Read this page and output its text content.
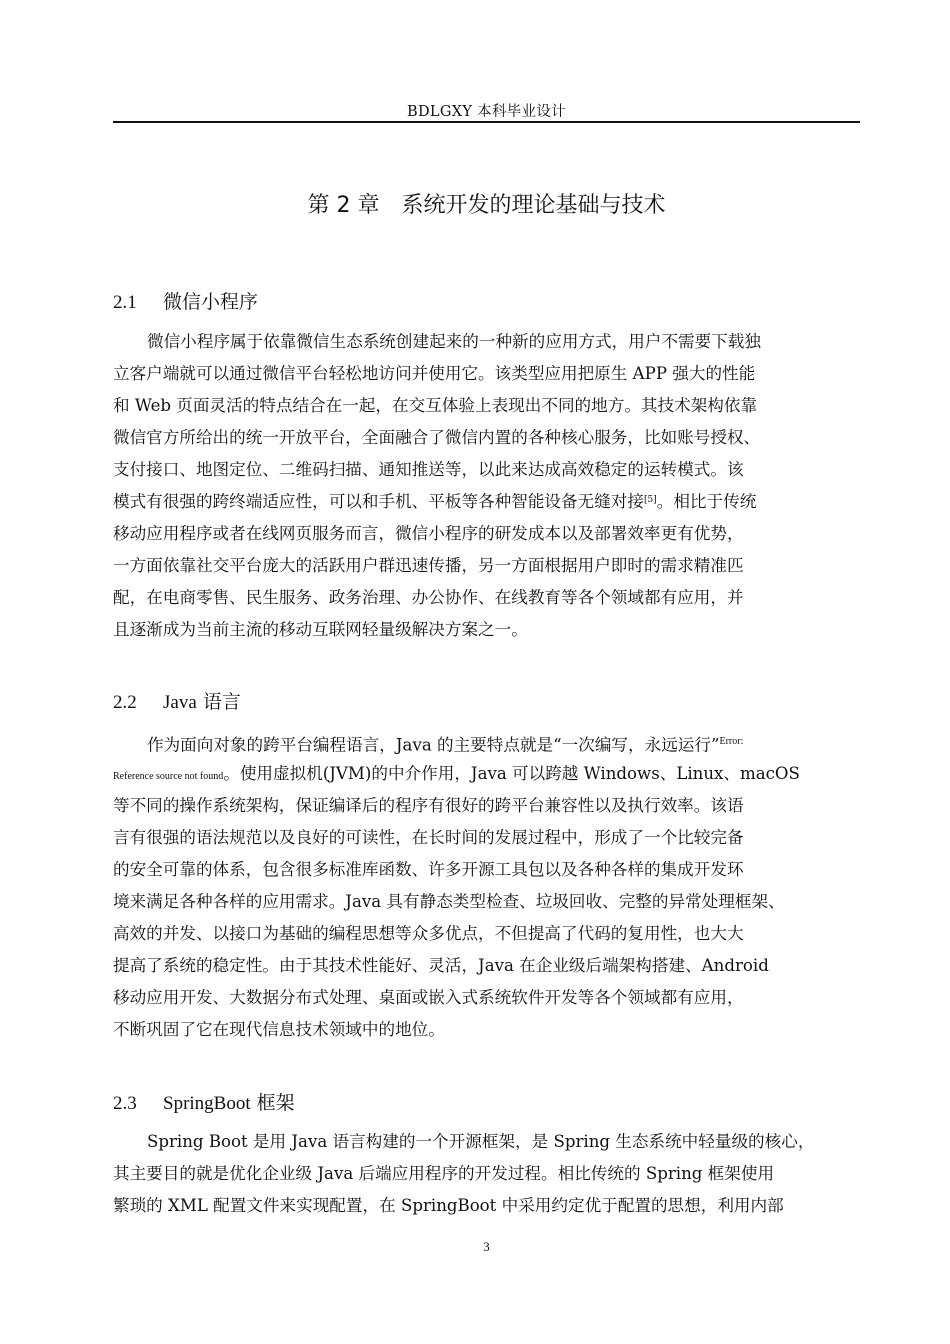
BDLGXY 本科毕业设计
第 2 章 系统开发的理论基础与技术
2.1 微信小程序
微信小程序属于依靠微信生态系统创建起来的一种新的应用方式，用户不需要下载独
立客户端就可以通过微信平台轻松地访问并使用它。该类型应用把原生 APP 强大的性能
和 Web 页面灵活的特点结合在一起，在交互体验上表现出不同的地方。其技术架构依靠
微信官方所给出的统一开放平台，全面融合了微信内置的各种核心服务，比如账号授权、
支付接口、地图定位、二维码扫描、通知推送等，以此来达成高效稳定的运转模式。该
模式有很强的跨终端适应性，可以和手机、平板等各种智能设备无缝对接[5]。相比于传统
移动应用程序或者在线网页服务而言，微信小程序的研发成本以及部署效率更有优势，
一方面依靠社交平台庞大的活跃用户群迅速传播，另一方面根据用户即时的需求精准匹
配，在电商零售、民生服务、政务治理、办公协作、在线教育等各个领域都有应用，并
且逐渐成为当前主流的移动互联网轻量级解决方案之一。
2.2 Java 语言
作为面向对象的跨平台编程语言，Java 的主要特点就是“一次编写，永远运行”$^{Error:}$
Reference source not found。使用虚拟机(JVM)的中介作用，Java 可以跨越 Windows、Linux、macOS
等不同的操作系统架构，保证编译后的程序有很好的跨平台兼容性以及执行效率。该语
言有很强的语法规范以及良好的可读性，在长时间的发展过程中，形成了一个比较完备
的安全可靠的体系，包含很多标准库函数、许多开源工具包以及各种各样的集成开发环
境来满足各种各样的应用需求。Java 具有静态类型检查、垃圾回收、完整的异常处理框架、
高效的并发、以接口为基础的编程思想等众多优点，不但提高了代码的复用性，也大大
提高了系统的稳定性。由于其技术性能好、灵活，Java 在企业级后端架构搭建、Android
移动应用开发、大数据分布式处理、桌面或嵌入式系统软件开发等各个领域都有应用，
不断巩固了它在现代信息技术领域中的地位。
2.3 SpringBoot 框架
Spring Boot 是用 Java 语言构建的一个开源框架，是 Spring 生态系统中轻量级的核心，
其主要目的就是优化企业级 Java 后端应用程序的开发过程。相比传统的 Spring 框架使用
繁琐的 XML 配置文件来实现配置，在 SpringBoot 中采用约定优于配置的思想，利用内部
3
